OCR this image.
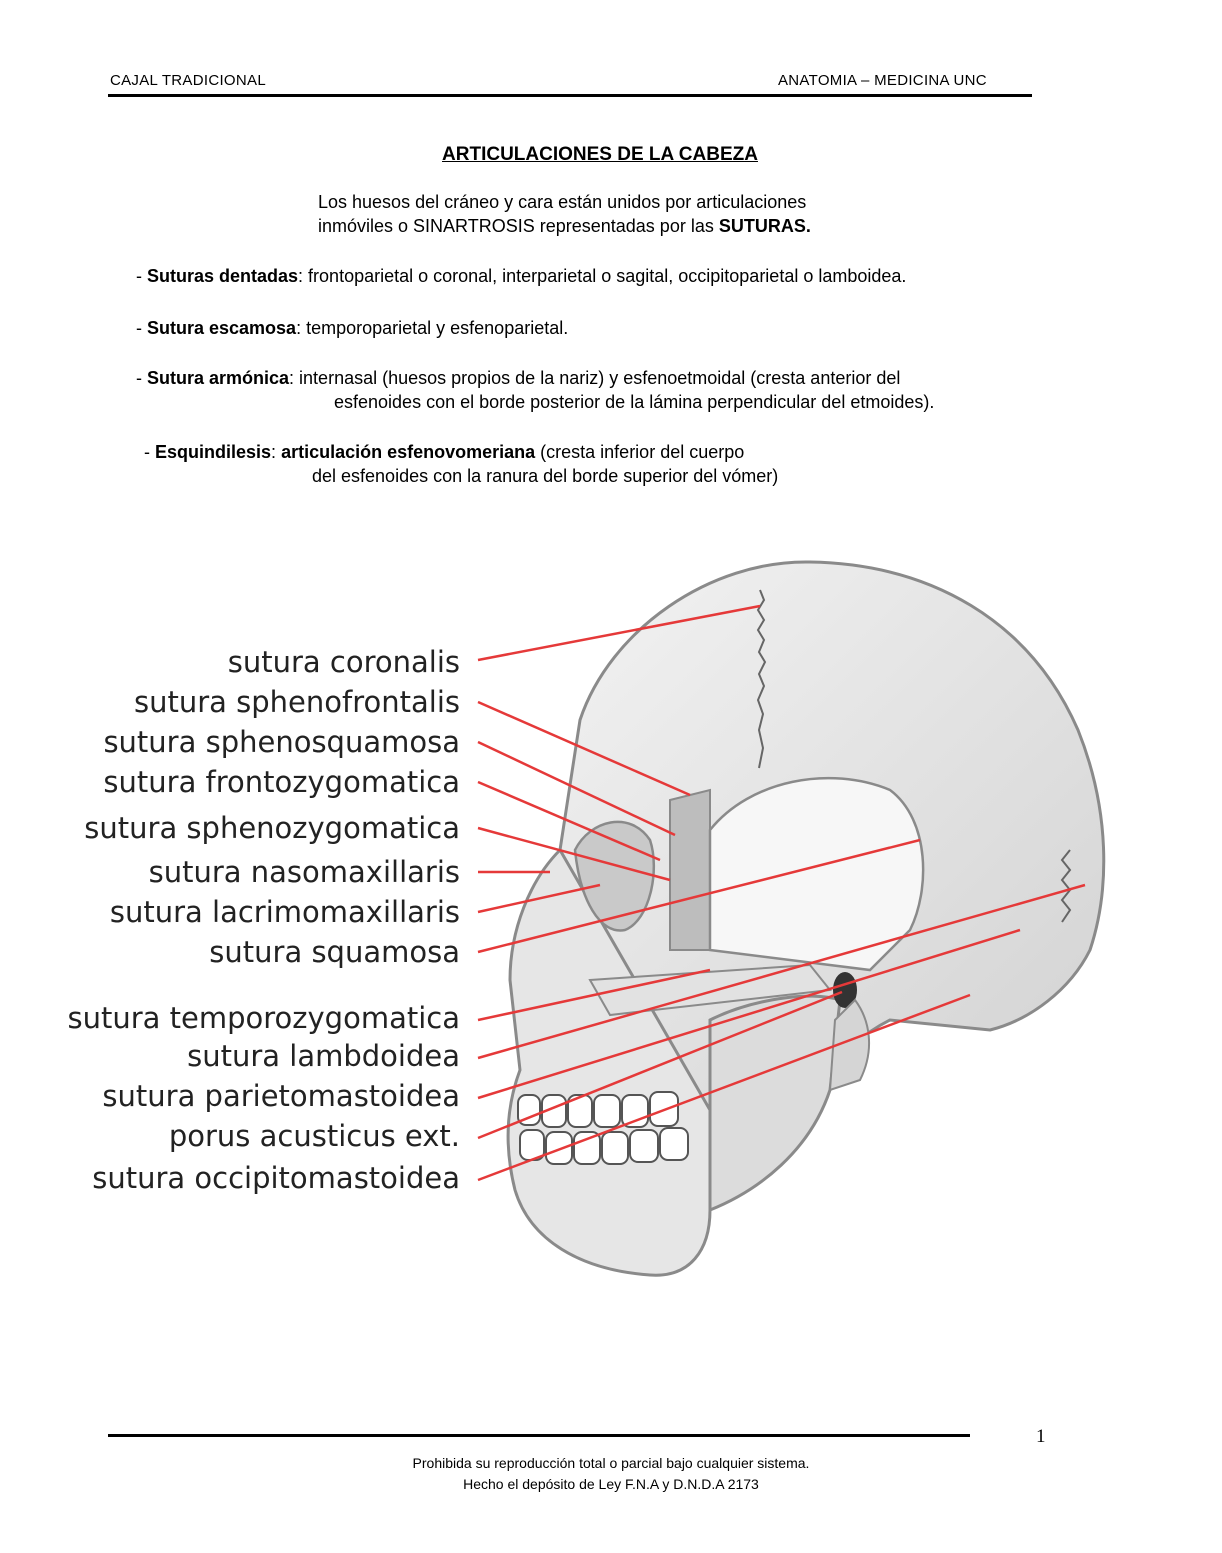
CAJAL TRADICIONAL	ANATOMIA – MEDICINA UNC
ARTICULACIONES DE LA CABEZA
Los huesos del cráneo y cara están unidos por articulaciones
inmóviles o SINARTROSIS representadas por las SUTURAS.
- Suturas dentadas: frontoparietal o coronal, interparietal o sagital, occipitoparietal o lamboidea.
- Sutura escamosa: temporoparietal y esfenoparietal.
- Sutura armónica: internasal (huesos propios de la nariz) y esfenoetmoidal (cresta anterior del
esfenoides con el borde posterior de la lámina perpendicular del etmoides).
- Esquindilesis: articulación esfenovomeriana (cresta inferior del cuerpo
del esfenoides con la ranura del borde superior del vómer)
sutura coronalis
sutura sphenofrontalis
sutura sphenosquamosa
sutura frontozygomatica
sutura sphenozygomatica
sutura nasomaxillaris
sutura lacrimomaxillaris
sutura squamosa
sutura temporozygomatica
sutura lambdoidea
sutura parietomastoidea
porus acusticus ext.
sutura occipitomastoidea
1
Prohibida su reproducción total o parcial bajo cualquier sistema.
Hecho el depósito de Ley F.N.A y D.N.D.A 2173
